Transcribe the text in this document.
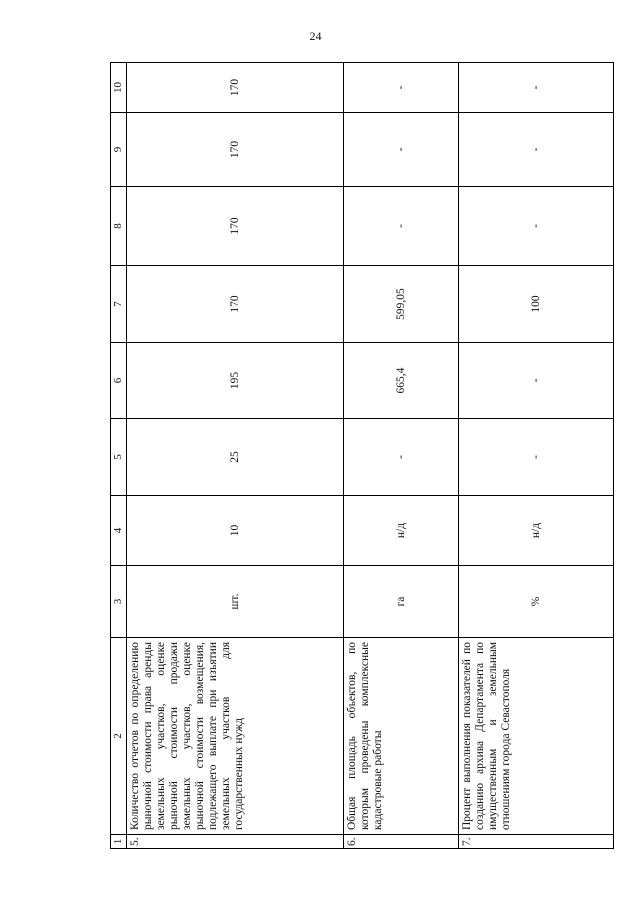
24
1	2	3	4	5	6	7	8	9	10
5.	Количество отчетов по определению рыночной стоимости права аренды земельных участков, оценке рыночной стоимости продажи земельных участков, оценке рыночной стоимости возмещения, подлежащего выплате при изъятии земельных участков для государственных нужд	шт.	10	25	195	170	170	170	170
6.	Общая площадь объектов, по которым проведены комплексные кадастровые работы	га	н/д	-	665,4	599,05	-	-	-
7.	Процент выполнения показателей по созданию архива Департамента по имущественным и земельным отношениям города Севастополя	%	н/д	-	-	100	-	-	-
